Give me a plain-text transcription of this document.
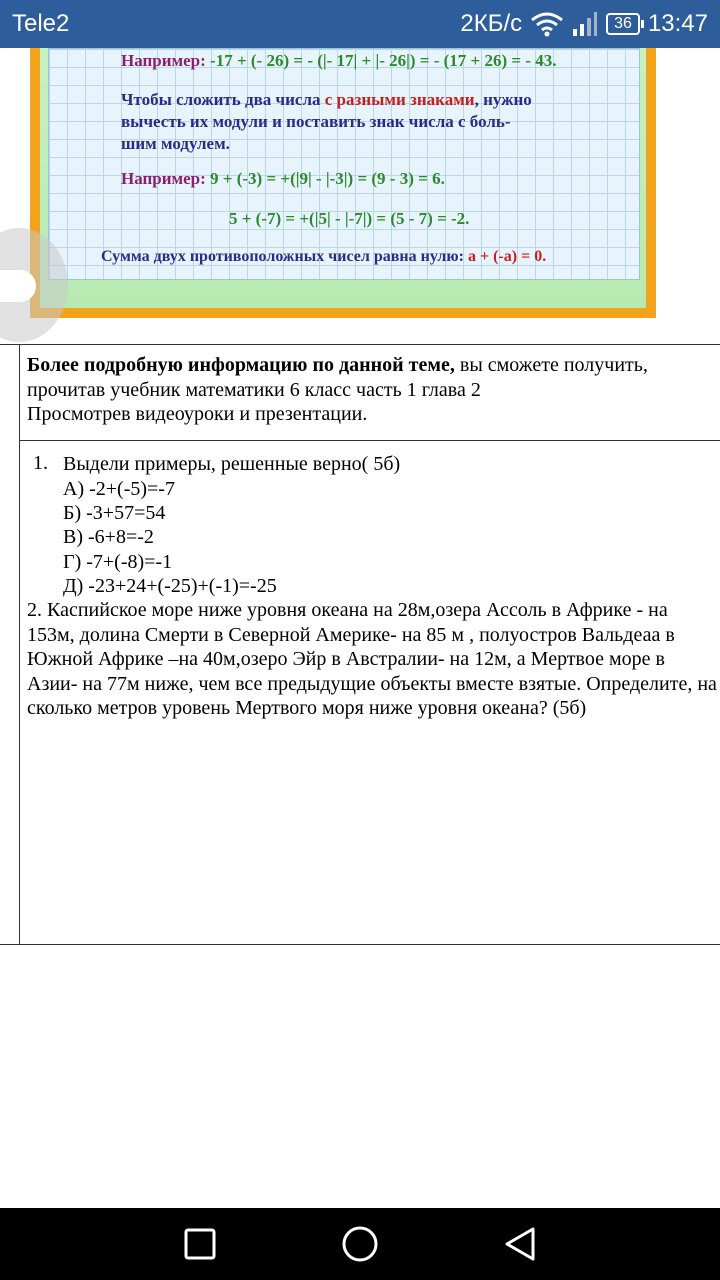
Tele2	2КБ/с	36 13:47
Например: -17 + (- 26) = - (|- 17| + |- 26|) = - (17 + 26) = - 43.
Чтобы сложить два числа с разными знаками, нужно
вычесть их модули и поставить знак числа с боль-
шим модулем.
Например: 9 + (-3) = +(|9| - |-3|) = (9 - 3) = 6.
5 + (-7) = +(|5| - |-7|) = (5 - 7) = -2.
Сумма двух противоположных чисел равна нулю: а + (-а) = 0.
Более подробную информацию по данной теме, вы сможете получить,
прочитав учебник математики 6 класс часть 1 глава 2
Просмотрев видеоуроки и презентации.
1. Выдели примеры, решенные верно( 5б)
А) -2+(-5)=-7
Б) -3+57=54
В) -6+8=-2
Г) -7+(-8)=-1
Д) -23+24+(-25)+(-1)=-25
2. Каспийское море ниже уровня океана на 28м,озера Ассоль в Африке - на 153м, долина Смерти в Северной Америке- на 85 м , полуостров Вальдеаа в Южной Африке –на 40м,озеро Эйр в Австралии- на 12м, а Мертвое море в Азии- на 77м ниже, чем все предыдущие объекты вместе взятые. Определите, на сколько метров уровень Мертвого моря ниже уровня океана? (5б)
